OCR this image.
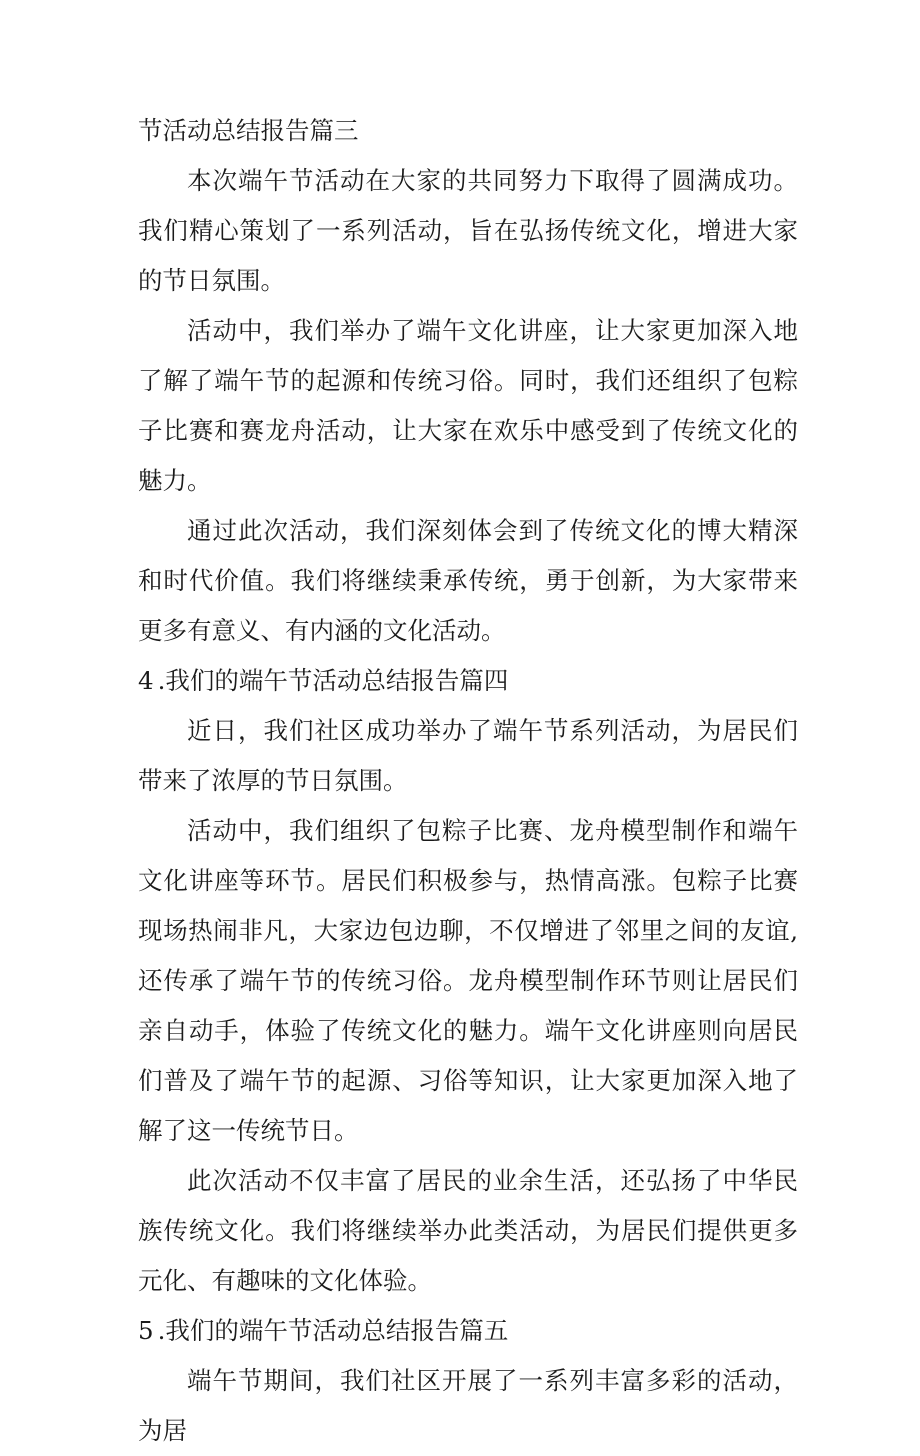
节活动总结报告篇三

本次端午节活动在大家的共同努力下取得了圆满成功。我们精心策划了一系列活动，旨在弘扬传统文化，增进大家的节日氛围。

活动中，我们举办了端午文化讲座，让大家更加深入地了解了端午节的起源和传统习俗。同时，我们还组织了包粽子比赛和赛龙舟活动，让大家在欢乐中感受到了传统文化的魅力。

通过此次活动，我们深刻体会到了传统文化的博大精深和时代价值。我们将继续秉承传统，勇于创新，为大家带来更多有意义、有内涵的文化活动。

4 .我们的端午节活动总结报告篇四

近日，我们社区成功举办了端午节系列活动，为居民们带来了浓厚的节日氛围。

活动中，我们组织了包粽子比赛、龙舟模型制作和端午文化讲座等环节。居民们积极参与，热情高涨。包粽子比赛现场热闹非凡，大家边包边聊，不仅增进了邻里之间的友谊,还传承了端午节的传统习俗。龙舟模型制作环节则让居民们亲自动手，体验了传统文化的魅力。端午文化讲座则向居民们普及了端午节的起源、习俗等知识，让大家更加深入地了解了这一传统节日。

此次活动不仅丰富了居民的业余生活，还弘扬了中华民族传统文化。我们将继续举办此类活动，为居民们提供更多元化、有趣味的文化体验。

5 .我们的端午节活动总结报告篇五

端午节期间，我们社区开展了一系列丰富多彩的活动，为居
